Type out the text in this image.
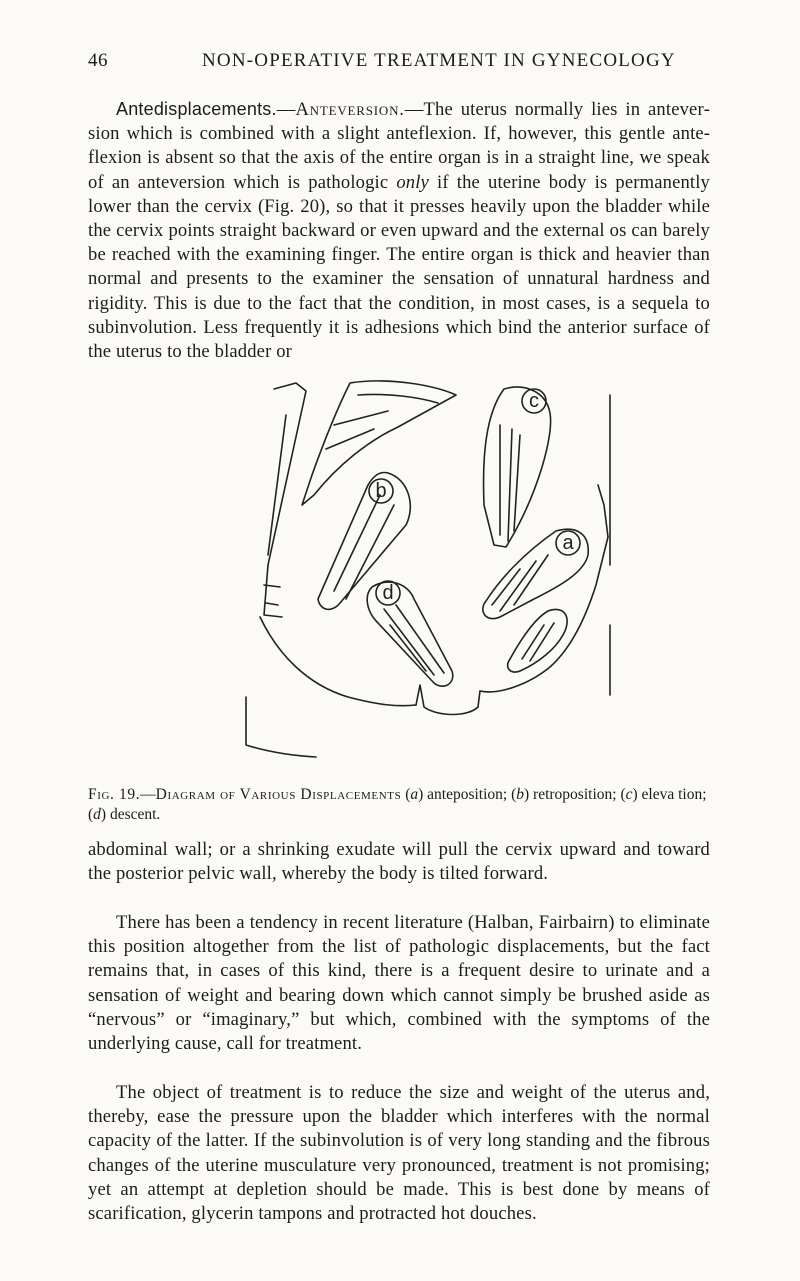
46	NON-OPERATIVE TREATMENT IN GYNECOLOGY

Antedisplacements.—Anteversion.—The uterus normally lies in anteversion which is combined with a slight anteflexion. If, however, this gentle anteflexion is absent so that the axis of the entire organ is in a straight line, we speak of an anteversion which is pathologic only if the uterine body is permanently lower than the cervix (Fig. 20), so that it presses heavily upon the bladder while the cervix points straight backward or even upward and the external os can barely be reached with the examining finger. The entire organ is thick and heavier than normal and presents to the examiner the sensation of unnatural hardness and rigidity. This is due to the fact that the condition, in most cases, is a sequela to subinvolution. Less frequently it is adhesions which bind the anterior surface of the uterus to the bladder or

b
c
a
d
Fig. 19.—Diagram of Various Displacements (a) anteposition; (b) retroposition; (c) eleva tion; (d) descent.

abdominal wall; or a shrinking exudate will pull the cervix upward and toward the posterior pelvic wall, whereby the body is tilted forward.

There has been a tendency in recent literature (Halban, Fairbairn) to eliminate this position altogether from the list of pathologic displacements, but the fact remains that, in cases of this kind, there is a frequent desire to urinate and a sensation of weight and bearing down which cannot simply be brushed aside as “nervous” or “imaginary,” but which, combined with the symptoms of the underlying cause, call for treatment.

The object of treatment is to reduce the size and weight of the uterus and, thereby, ease the pressure upon the bladder which interferes with the normal capacity of the latter. If the subinvolution is of very long standing and the fibrous changes of the uterine musculature very pronounced, treatment is not promising; yet an attempt at depletion should be made. This is best done by means of scarification, glycerin tampons and protracted hot douches.
